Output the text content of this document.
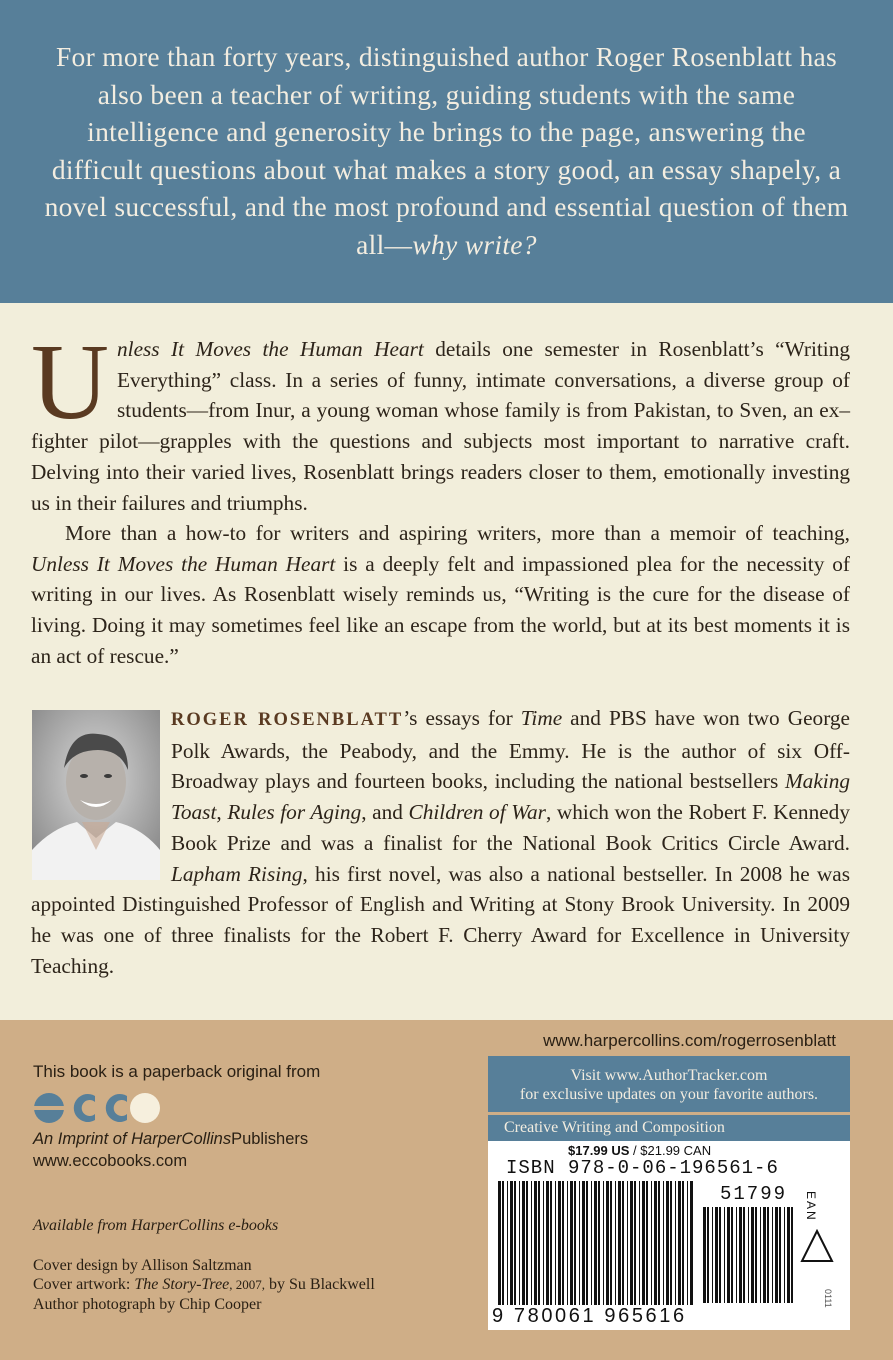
For more than forty years, distinguished author Roger Rosenblatt has also been a teacher of writing, guiding students with the same intelligence and generosity he brings to the page, answering the difficult questions about what makes a story good, an essay shapely, a novel successful, and the most profound and essential question of them all—why write?

Unless It Moves the Human Heart details one semester in Rosenblatt’s “Writing Everything” class. In a series of funny, intimate conversations, a diverse group of students—from Inur, a young woman whose family is from Pakistan, to Sven, an ex–fighter pilot—grapples with the questions and subjects most important to narrative craft. Delving into their varied lives, Rosenblatt brings readers closer to them, emotionally investing us in their failures and triumphs.

More than a how-to for writers and aspiring writers, more than a memoir of teaching, Unless It Moves the Human Heart is a deeply felt and impassioned plea for the necessity of writing in our lives. As Rosenblatt wisely reminds us, “Writing is the cure for the disease of living. Doing it may sometimes feel like an escape from the world, but at its best moments it is an act of rescue.”

ROGER ROSENBLATT’s essays for Time and PBS have won two George Polk Awards, the Peabody, and the Emmy. He is the author of six Off-Broadway plays and fourteen books, including the national bestsellers Making Toast, Rules for Aging, and Children of War, which won the Robert F. Kennedy Book Prize and was a finalist for the National Book Critics Circle Award. Lapham Rising, his first novel, was also a national bestseller. In 2008 he was appointed Distinguished Professor of English and Writing at Stony Brook University. In 2009 he was one of three finalists for the Robert F. Cherry Award for Excellence in University Teaching.

www.harpercollins.com/rogerrosenblatt

Visit www.AuthorTracker.com
for exclusive updates on your favorite authors.
Creative Writing and Composition
$17.99 US / $21.99 CAN
ISBN 978-0-06-196561-6
51799 EAN
0111
9 780061 965616

This book is a paperback original from

An Imprint of HarperCollinsPublishers
www.eccobooks.com

Available from HarperCollins e-books
Cover design by Allison Saltzman
Cover artwork: The Story-Tree, 2007, by Su Blackwell
Author photograph by Chip Cooper
